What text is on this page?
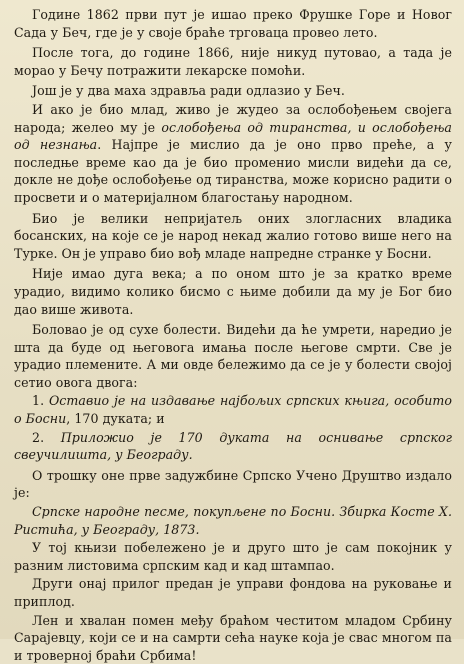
Године 1862 први пут је ишао преко Фрушке Горе и Новог Сада у Беч, где је у своје браће трговаца провео лето.

После тога, до године 1866, није никуд путовао, а тада је морао у Бечу потражити лекарске помоћи.

Још је у два маха здравља ради одлазио у Беч.

И ако је био млад, живо је жудео за ослобођењем својега народа; желео му је ослобођења од тиранства, и ослобођења од незнања. Најпре је мислио да је оно прво преће, а у последње време као да је био променио мисли видећи да се, докле не дође ослобођење од тиранства, може корисно радити о просвети и о материјалном благостању народном.

Био је велики непријатељ оних злогласних владика босанских, на које се је народ некад жалио готово више него на Турке. Он је управо био вођ младе напредне странке у Босни.

Није имао дуга века; а по оном што је за кратко време урадио, видимо колико бисмо с њиме добили да му је Бог био дао више живота.

Боловао је од сухе болести. Видећи да ће умрети, наредио је шта да буде од његовога имања после његове смрти. Све је урадио племените. А ми овде бележимо да се је у болести својој сетио овога двога:

1. Оставио је на издавање најбољих српских књига, особито о Босни, 170 дуката; и

2. Приложио је 170 дуката на оснивање српског свеучилишта, у Београду.

О трошку оне прве задужбине Српско Учено Друштво издало је:

Српске народне песме, покупљене по Босни. Збирка Косте Х. Ристића, у Београду, 1873.

У тој књизи побележено је и друго што је сам покојник у разним листовима српским кад и кад штампао.

Други онај прилог предан је управи фондова на руковање и приплод.

Лен и хвалан помен међу браћом честитом младом Србину Сарајевцу, који се и на самрти сећа науке која је свас многом па и троверној браћи Србима!
